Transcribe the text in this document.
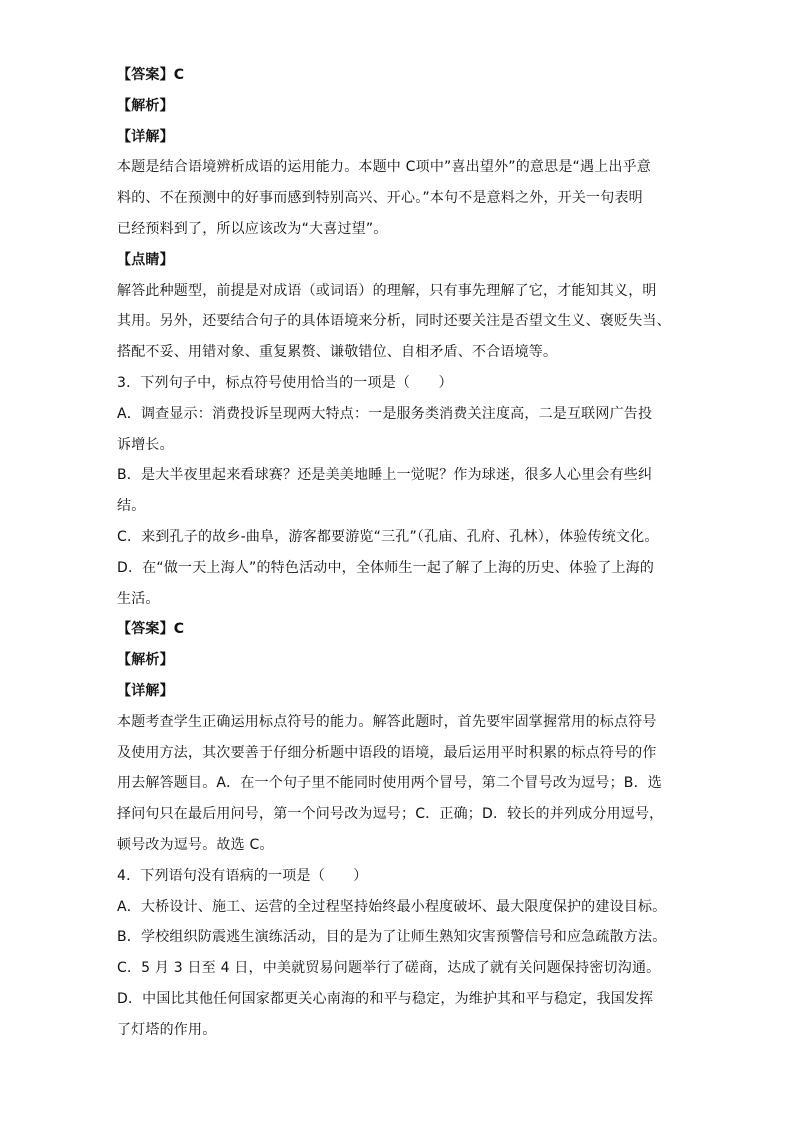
【答案】C
【解析】
【详解】
本题是结合语境辨析成语的运用能力。本题中 C项中”喜出望外”的意思是“遇上出乎意
料的、不在预测中的好事而感到特别高兴、开心。”本句不是意料之外，开关一句表明
已经预料到了，所以应该改为“大喜过望”。
【点睛】
解答此种题型，前提是对成语（或词语）的理解，只有事先理解了它，才能知其义，明
其用。另外，还要结合句子的具体语境来分析，同时还要关注是否望文生义、褒贬失当、
搭配不妥、用错对象、重复累赘、谦敬错位、自相矛盾、不合语境等。
3．下列句子中，标点符号使用恰当的一项是（　　）
A．调查显示：消费投诉呈现两大特点：一是服务类消费关注度高，二是互联网广告投
诉增长。
B．是大半夜里起来看球赛？还是美美地睡上一觉呢？作为球迷，很多人心里会有些纠
结。
C．来到孔子的故乡-曲阜，游客都要游览“三孔”（孔庙、孔府、孔林），体验传统文化。
D．在“做一天上海人”的特色活动中，全体师生一起了解了上海的历史、体验了上海的
生活。
【答案】C
【解析】
【详解】
本题考查学生正确运用标点符号的能力。解答此题时，首先要牢固掌握常用的标点符号
及使用方法，其次要善于仔细分析题中语段的语境，最后运用平时积累的标点符号的作
用去解答题目。A．在一个句子里不能同时使用两个冒号，第二个冒号改为逗号；B．选
择问句只在最后用问号，第一个问号改为逗号；C．正确；D．较长的并列成分用逗号，
顿号改为逗号。故选 C。
4．下列语句没有语病的一项是（　　）
A．大桥设计、施工、运营的全过程坚持始终最小程度破坏、最大限度保护的建设目标。
B．学校组织防震逃生演练活动，目的是为了让师生熟知灾害预警信号和应急疏散方法。
C．5 月 3 日至 4 日，中美就贸易问题举行了磋商，达成了就有关问题保持密切沟通。
D．中国比其他任何国家都更关心南海的和平与稳定，为维护其和平与稳定，我国发挥
了灯塔的作用。
